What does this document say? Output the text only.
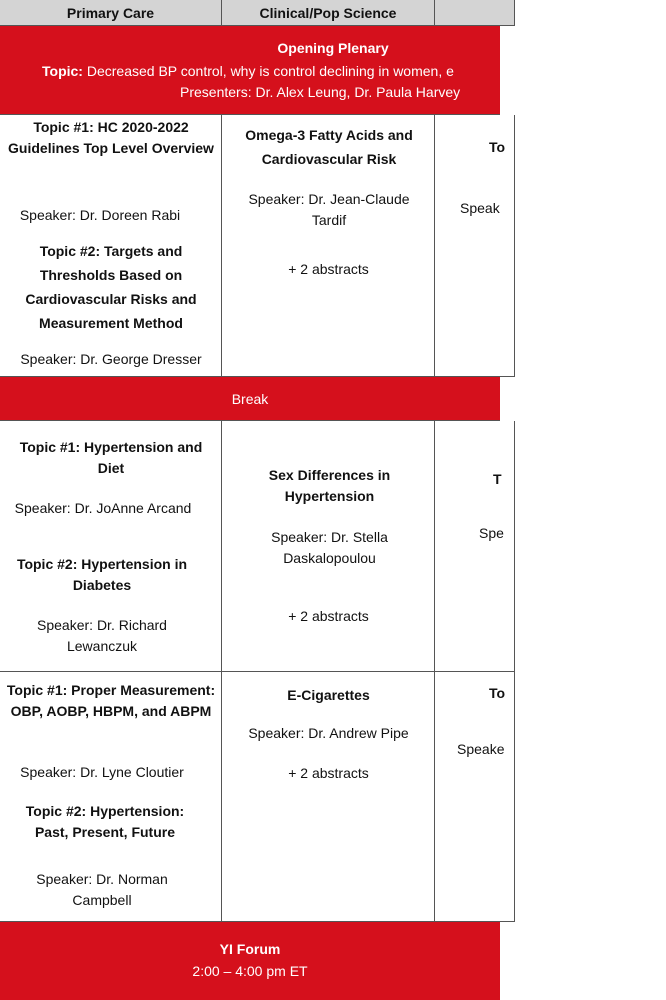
Primary Care	Clinical/Pop Science
Opening Plenary
Topic: Decreased BP control, why is control declining in women, e
Presenters: Dr. Alex Leung, Dr. Paula Harvey
Topic #1: HC 2020-2022 Guidelines Top Level Overview
Speaker: Dr. Doreen Rabi
Topic #2: Targets and Thresholds Based on Cardiovascular Risks and Measurement Method
Speaker: Dr. George Dresser
Omega-3 Fatty Acids and Cardiovascular Risk
Speaker: Dr. Jean-Claude Tardif
+ 2 abstracts
To
Speak
Break
Topic #1: Hypertension and Diet
Speaker: Dr. JoAnne Arcand
Topic #2: Hypertension in Diabetes
Speaker: Dr. Richard Lewanczuk
Sex Differences in Hypertension
Speaker: Dr. Stella Daskalopoulou
+ 2 abstracts
T
Spe
Topic #1: Proper Measurement: OBP, AOBP, HBPM, and ABPM
Speaker: Dr. Lyne Cloutier
Topic #2: Hypertension: Past, Present, Future
Speaker: Dr. Norman Campbell
E-Cigarettes
Speaker: Dr. Andrew Pipe
+ 2 abstracts
To
Speake
YI Forum
2:00 – 4:00 pm ET
